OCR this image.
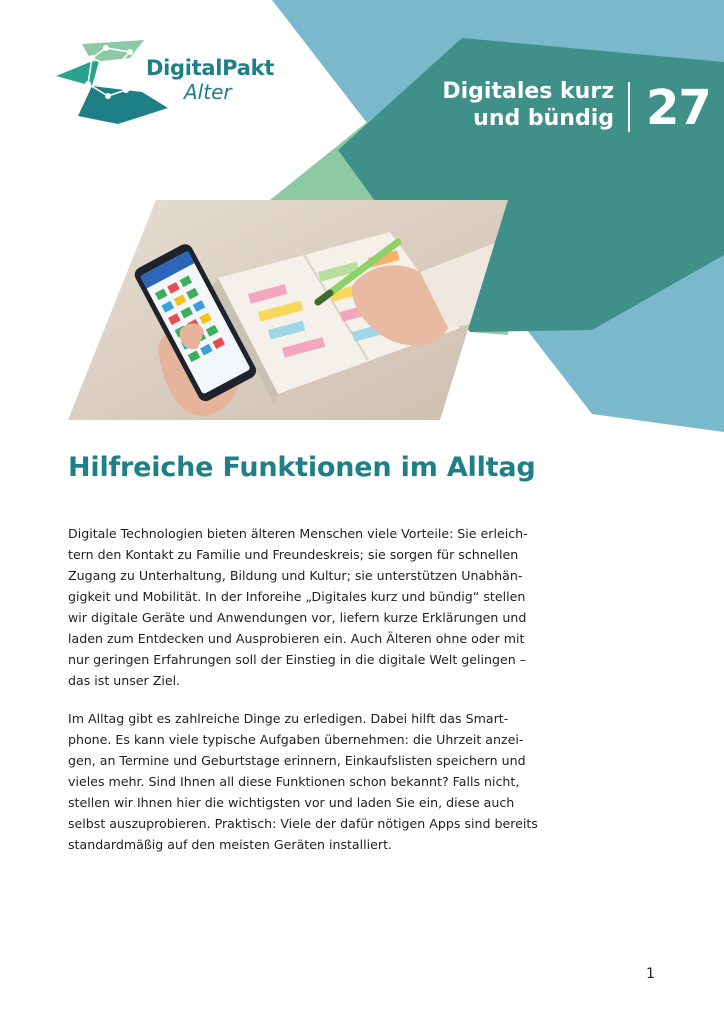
DigitalPakt
Alter	Digitales kurz
und bündig 27
Hilfreiche Funktionen im Alltag

Digitale Technologien bieten älteren Menschen viele Vorteile: Sie erleichtern den Kontakt zu Familie und Freundeskreis; sie sorgen für schnellen Zugang zu Unterhaltung, Bildung und Kultur; sie unterstützen Unabhängigkeit und Mobilität. In der Inforeihe „Digitales kurz und bündig“ stellen wir digitale Geräte und Anwendungen vor, liefern kurze Erklärungen und laden zum Entdecken und Ausprobieren ein. Auch Älteren ohne oder mit nur geringen Erfahrungen soll der Einstieg in die digitale Welt gelingen – das ist unser Ziel.

Im Alltag gibt es zahlreiche Dinge zu erledigen. Dabei hilft das Smartphone. Es kann viele typische Aufgaben übernehmen: die Uhrzeit anzeigen, an Termine und Geburtstage erinnern, Einkaufslisten speichern und vieles mehr. Sind Ihnen all diese Funktionen schon bekannt? Falls nicht, stellen wir Ihnen hier die wichtigsten vor und laden Sie ein, diese auch selbst auszuprobieren. Praktisch: Viele der dafür nötigen Apps sind bereits standardmäßig auf den meisten Geräten installiert.

1
